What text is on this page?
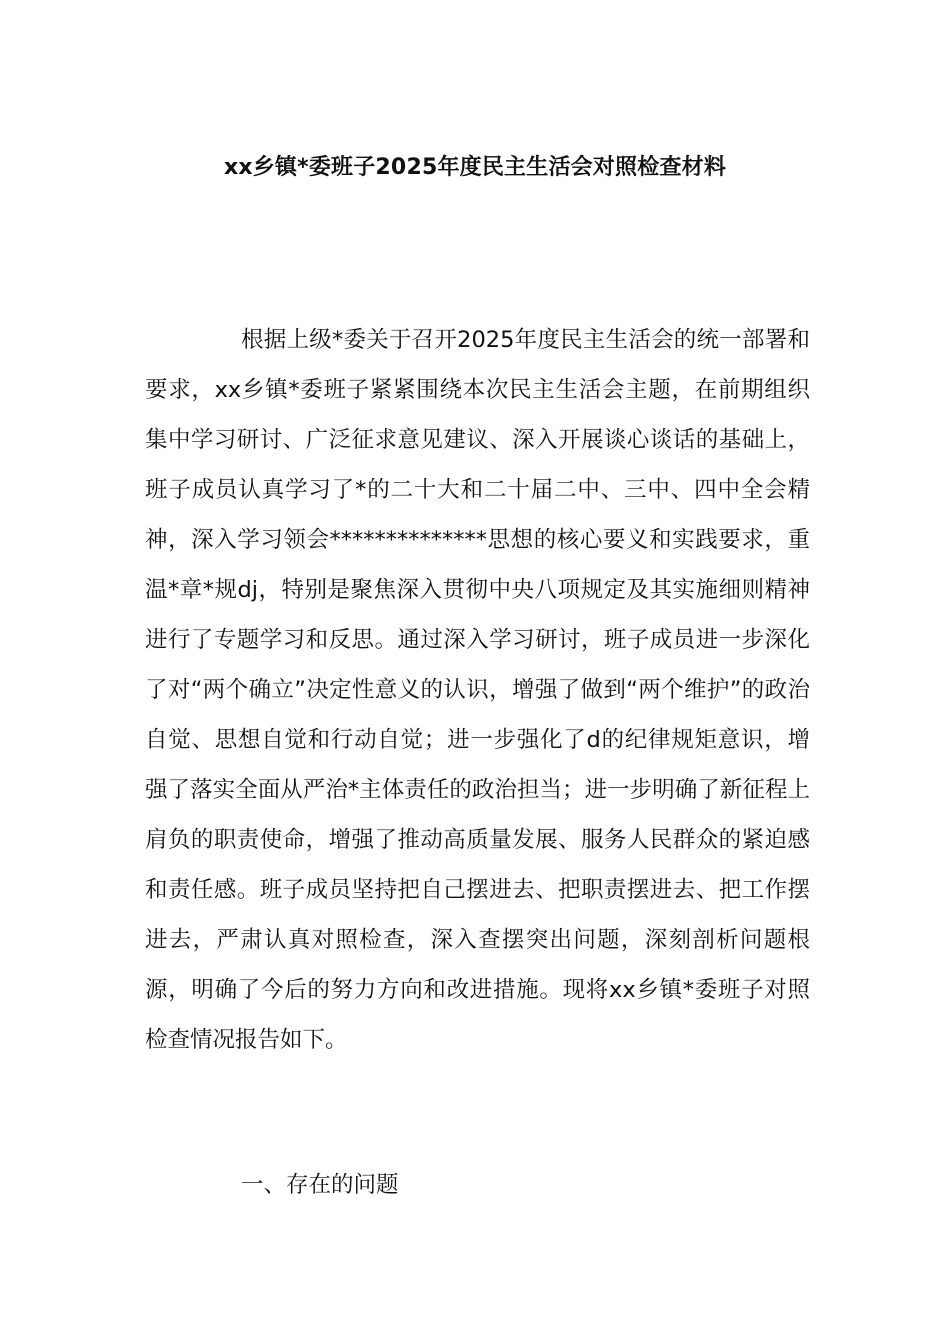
xx乡镇*委班子2025年度民主生活会对照检查材料

根据上级*委关于召开2025年度民主生活会的统一部署和要求，xx乡镇*委班子紧紧围绕本次民主生活会主题，在前期组织集中学习研讨、广泛征求意见建议、深入开展谈心谈话的基础上，班子成员认真学习了*的二十大和二十届二中、三中、四中全会精神，深入学习领会**************思想的核心要义和实践要求，重温*章*规dj，特别是聚焦深入贯彻中央八项规定及其实施细则精神进行了专题学习和反思。通过深入学习研讨，班子成员进一步深化了对“两个确立”决定性意义的认识，增强了做到“两个维护”的政治自觉、思想自觉和行动自觉；进一步强化了d的纪律规矩意识，增强了落实全面从严治*主体责任的政治担当；进一步明确了新征程上肩负的职责使命，增强了推动高质量发展、服务人民群众的紧迫感和责任感。班子成员坚持把自己摆进去、把职责摆进去、把工作摆进去，严肃认真对照检查，深入查摆突出问题，深刻剖析问题根源，明确了今后的努力方向和改进措施。现将xx乡镇*委班子对照检查情况报告如下。

一、存在的问题
